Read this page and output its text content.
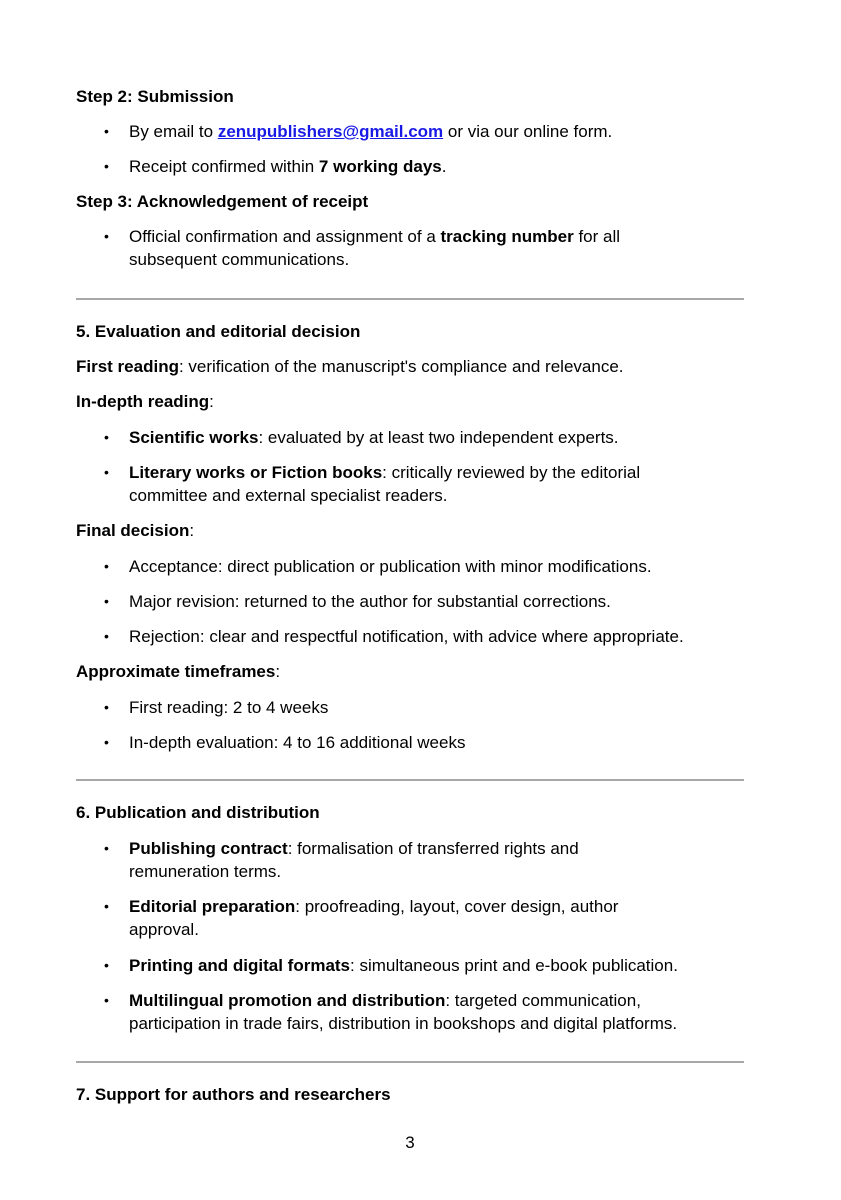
Step 2: Submission
• By email to zenupublishers@gmail.com or via our online form.
• Receipt confirmed within 7 working days.
Step 3: Acknowledgement of receipt
• Official confirmation and assignment of a tracking number for all
subsequent communications.
5. Evaluation and editorial decision
First reading: verification of the manuscript's compliance and relevance.
In-depth reading:
• Scientific works: evaluated by at least two independent experts.
• Literary works or Fiction books: critically reviewed by the editorial
committee and external specialist readers.
Final decision:
• Acceptance: direct publication or publication with minor modifications.
• Major revision: returned to the author for substantial corrections.
• Rejection: clear and respectful notification, with advice where appropriate.
Approximate timeframes:
• First reading: 2 to 4 weeks
• In-depth evaluation: 4 to 16 additional weeks
6. Publication and distribution
• Publishing contract: formalisation of transferred rights and
remuneration terms.
• Editorial preparation: proofreading, layout, cover design, author
approval.
• Printing and digital formats: simultaneous print and e-book publication.
• Multilingual promotion and distribution: targeted communication,
participation in trade fairs, distribution in bookshops and digital platforms.
7. Support for authors and researchers
3
